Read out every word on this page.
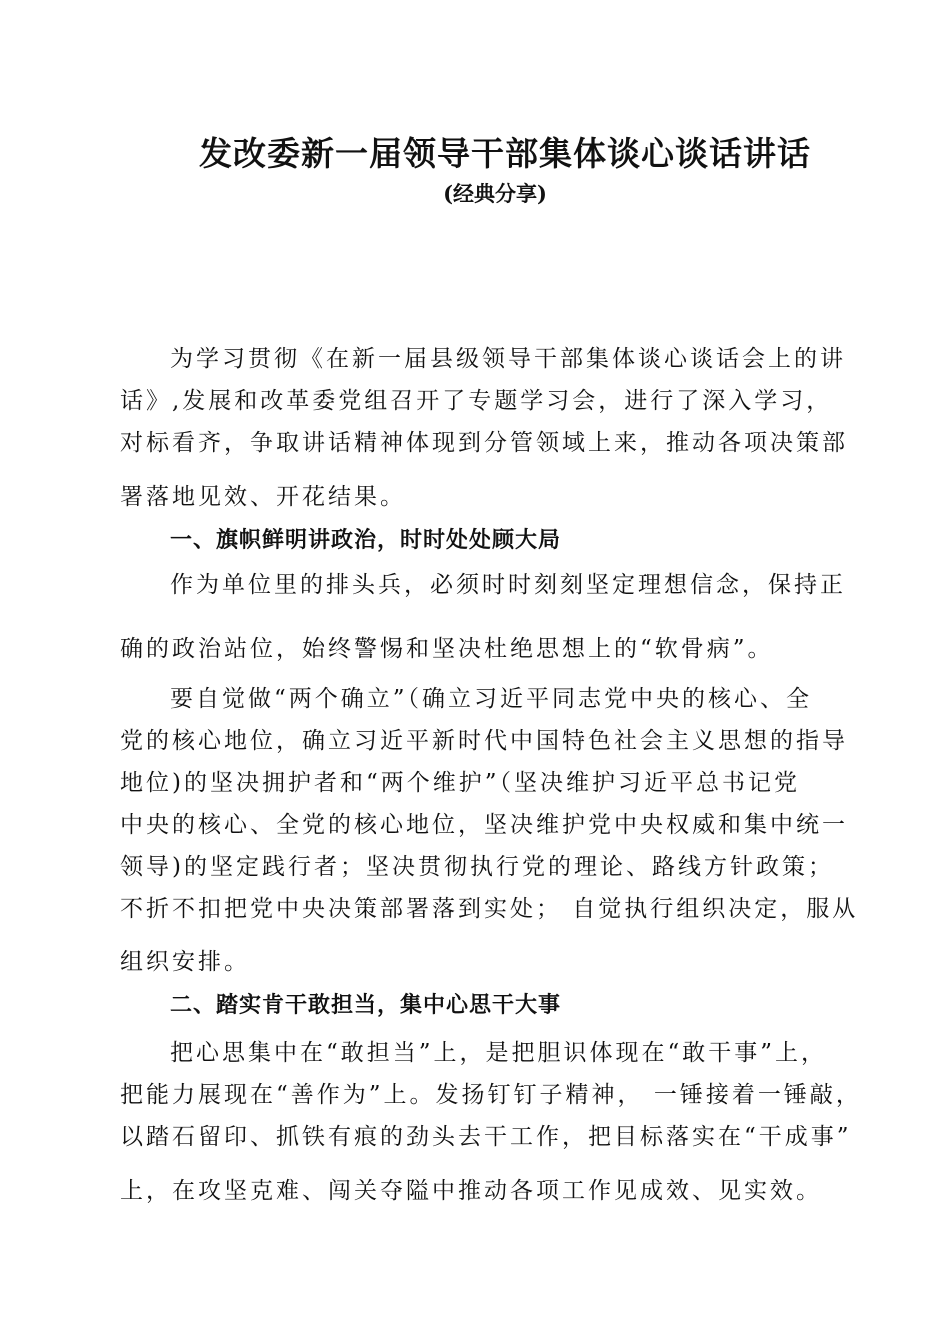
发改委新一届领导干部集体谈心谈话讲话
(经典分享)
为学习贯彻《在新一届县级领导干部集体谈心谈话会上的讲
话》,发展和改革委党组召开了专题学习会，进行了深入学习，
对标看齐，争取讲话精神体现到分管领域上来，推动各项决策部
署落地见效、开花结果。
一、旗帜鲜明讲政治，时时处处顾大局
作为单位里的排头兵，必须时时刻刻坚定理想信念，保持正
确的政治站位，始终警惕和坚决杜绝思想上的“软骨病”。
要自觉做“两个确立”（确立习近平同志党中央的核心、全
党的核心地位，确立习近平新时代中国特色社会主义思想的指导
地位)的坚决拥护者和“两个维护”（坚决维护习近平总书记党
中央的核心、全党的核心地位，坚决维护党中央权威和集中统一
领导)的坚定践行者；坚决贯彻执行党的理论、路线方针政策；
不折不扣把党中央决策部署落到实处； 自觉执行组织决定，服从
组织安排。
二、踏实肯干敢担当，集中心思干大事
把心思集中在“敢担当”上，是把胆识体现在“敢干事”上，
把能力展现在“善作为”上。发扬钉钉子精神， 一锤接着一锤敲，
以踏石留印、抓铁有痕的劲头去干工作，把目标落实在“干成事”
上，在攻坚克难、闯关夺隘中推动各项工作见成效、见实效。
